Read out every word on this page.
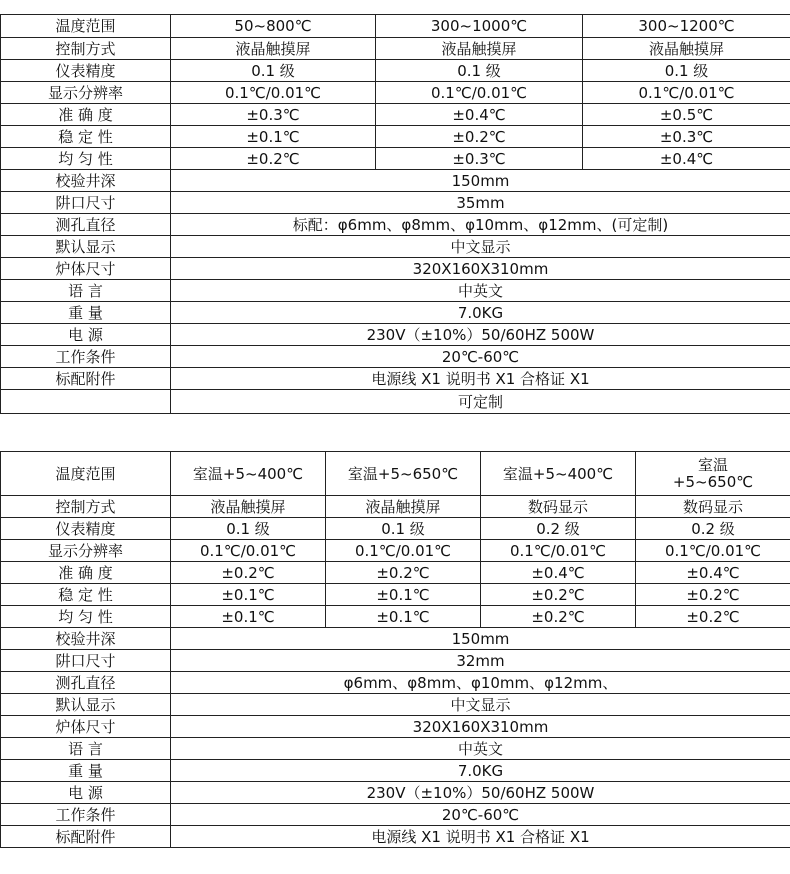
温度范围	50~800℃	300~1000℃	300~1200℃
控制方式	液晶触摸屏	液晶触摸屏	液晶触摸屏
仪表精度	0.1 级	0.1 级	0.1 级
显示分辨率	0.1℃/0.01℃	0.1℃/0.01℃	0.1℃/0.01℃
准 确 度	±0.3℃	±0.4℃	±0.5℃
稳 定 性	±0.1℃	±0.2℃	±0.3℃
均 匀 性	±0.2℃	±0.3℃	±0.4℃
校验井深	150mm		
阱口尺寸	35mm		
测孔直径	标配：φ6mm、φ8mm、φ10mm、φ12mm、(可定制)		
默认显示	中文显示		
炉体尺寸	320X160X310mm		
语 言	中英文		
重 量	7.0KG		
电 源	230V（±10%）50/60HZ 500W		
工作条件	20℃-60℃		
标配附件	电源线 X1 说明书 X1 合格证 X1		
	可定制		
温度范围	室温+5~400℃	室温+5~650℃	室温+5~400℃	室温
+5~650℃
控制方式	液晶触摸屏	液晶触摸屏	数码显示	数码显示
仪表精度	0.1 级	0.1 级	0.2 级	0.2 级
显示分辨率	0.1℃/0.01℃	0.1℃/0.01℃	0.1℃/0.01℃	0.1℃/0.01℃
准 确 度	±0.2℃	±0.2℃	±0.4℃	±0.4℃
稳 定 性	±0.1℃	±0.1℃	±0.2℃	±0.2℃
均 匀 性	±0.1℃	±0.1℃	±0.2℃	±0.2℃
校验井深	150mm			
阱口尺寸	32mm			
测孔直径	φ6mm、φ8mm、φ10mm、φ12mm、			
默认显示	中文显示			
炉体尺寸	320X160X310mm			
语 言	中英文			
重 量	7.0KG			
电 源	230V（±10%）50/60HZ 500W			
工作条件	20℃-60℃			
标配附件	电源线 X1 说明书 X1 合格证 X1			
